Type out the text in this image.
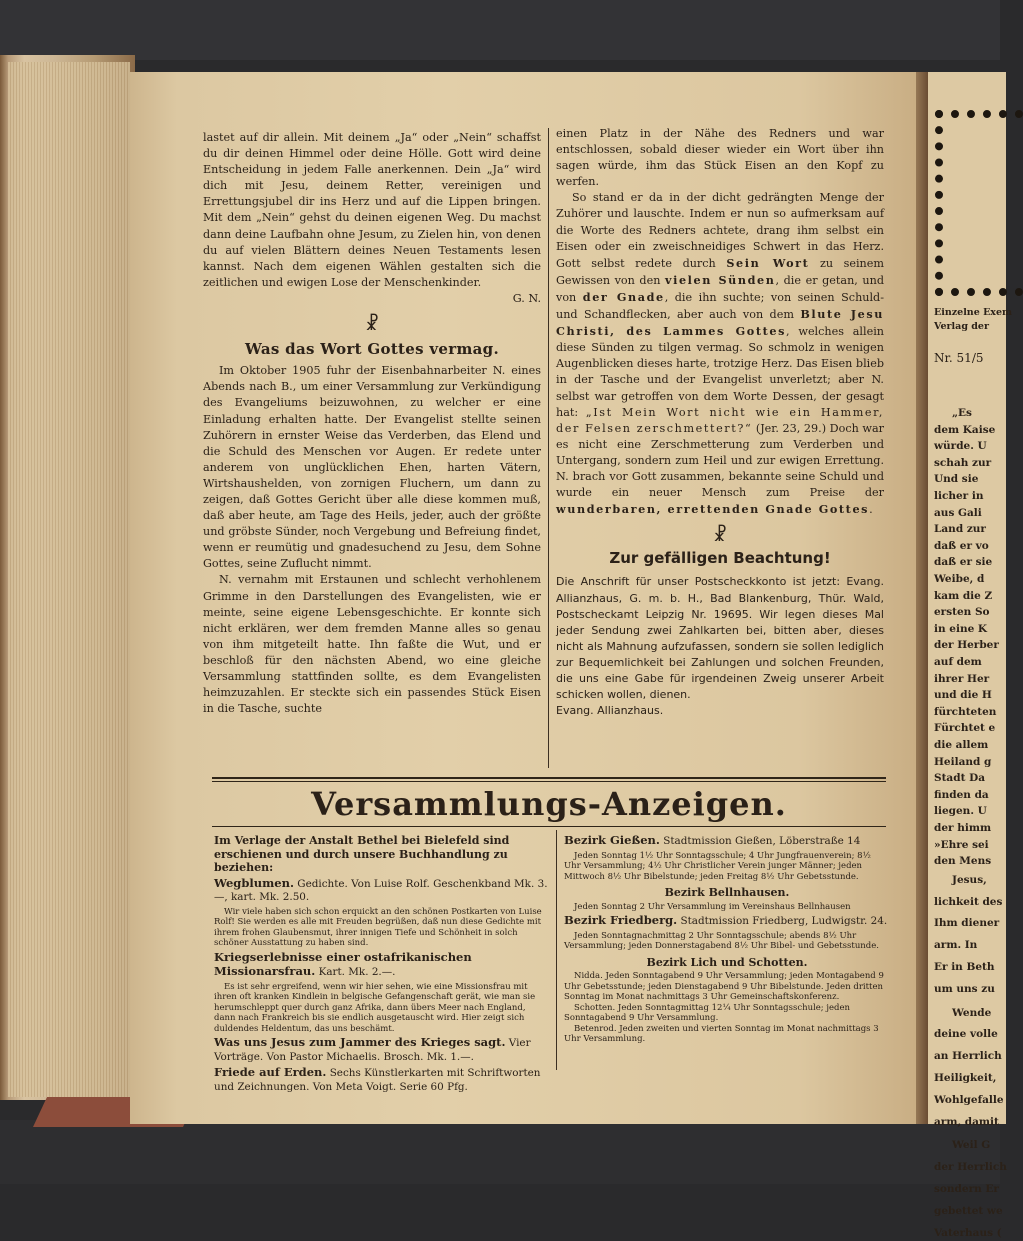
lastet auf dir allein. Mit deinem „Ja“ oder „Nein“ schaffst du dir deinen Himmel oder deine Hölle. Gott wird deine Entscheidung in jedem Falle anerkennen. Dein „Ja“ wird dich mit Jesu, deinem Retter, vereinigen und Errettungsjubel dir ins Herz und auf die Lippen bringen. Mit dem „Nein“ gehst du deinen eigenen Weg. Du machst dann deine Laufbahn ohne Jesum, zu Zielen hin, von denen du auf vielen Blättern deines Neuen Testaments lesen kannst. Nach dem eigenen Wählen gestalten sich die zeitlichen und ewigen Lose der Menschenkinder.

G. N.
☧
Was das Wort Gottes vermag.

Im Oktober 1905 fuhr der Eisenbahnarbeiter N. eines Abends nach B., um einer Versammlung zur Verkündigung des Evangeliums beizuwohnen, zu welcher er eine Einladung erhalten hatte. Der Evangelist stellte seinen Zuhörern in ernster Weise das Verderben, das Elend und die Schuld des Menschen vor Augen. Er redete unter anderem von unglücklichen Ehen, harten Vätern, Wirtshaushelden, von zornigen Fluchern, um dann zu zeigen, daß Gottes Gericht über alle diese kommen muß, daß aber heute, am Tage des Heils, jeder, auch der größte und gröbste Sünder, noch Vergebung und Befreiung findet, wenn er reumütig und gnadesuchend zu Jesu, dem Sohne Gottes, seine Zuflucht nimmt.

N. vernahm mit Erstaunen und schlecht verhohlenem Grimme in den Darstellungen des Evangelisten, wie er meinte, seine eigene Lebensgeschichte. Er konnte sich nicht erklären, wer dem fremden Manne alles so genau von ihm mitgeteilt hatte. Ihn faßte die Wut, und er beschloß für den nächsten Abend, wo eine gleiche Versammlung stattfinden sollte, es dem Evangelisten heimzuzahlen. Er steckte sich ein passendes Stück Eisen in die Tasche, suchte

einen Platz in der Nähe des Redners und war entschlossen, sobald dieser wieder ein Wort über ihn sagen würde, ihm das Stück Eisen an den Kopf zu werfen.

So stand er da in der dicht gedrängten Menge der Zuhörer und lauschte. Indem er nun so aufmerksam auf die Worte des Redners achtete, drang ihm selbst ein Eisen oder ein zweischneidiges Schwert in das Herz. Gott selbst redete durch Sein Wort zu seinem Gewissen von den vielen Sünden, die er getan, und von der Gnade, die ihn suchte; von seinen Schuld- und Schandflecken, aber auch von dem Blute Jesu Christi, des Lammes Gottes, welches allein diese Sünden zu tilgen vermag. So schmolz in wenigen Augenblicken dieses harte, trotzige Herz. Das Eisen blieb in der Tasche und der Evangelist unverletzt; aber N. selbst war getroffen von dem Worte Dessen, der gesagt hat: „Ist Mein Wort nicht wie ein Hammer, der Felsen zerschmettert?“ (Jer. 23, 29.) Doch war es nicht eine Zerschmetterung zum Verderben und Untergang, sondern zum Heil und zur ewigen Errettung. N. brach vor Gott zusammen, bekannte seine Schuld und wurde ein neuer Mensch zum Preise der wunderbaren, errettenden Gnade Gottes.

☧
Zur gefälligen Beachtung!
Die Anschrift für unser Postscheckkonto ist jetzt: Evang. Allianzhaus, G. m. b. H., Bad Blankenburg, Thür. Wald, Postscheckamt Leipzig Nr. 19695. Wir legen dieses Mal jeder Sendung zwei Zahlkarten bei, bitten aber, dieses nicht als Mahnung aufzufassen, sondern sie sollen lediglich zur Bequemlichkeit bei Zahlungen und solchen Freunden, die uns eine Gabe für irgendeinen Zweig unserer Arbeit schicken wollen, dienen.
Evang. Allianzhaus.
Versammlungs-Anzeigen.
Im Verlage der Anstalt Bethel bei Bielefeld sind erschienen und durch unsere Buchhandlung zu beziehen:
Wegblumen. Gedichte. Von Luise Rolf. Geschenkband Mk. 3.—, kart. Mk. 2.50.
Wir viele haben sich schon erquickt an den schönen Postkarten von Luise Rolf! Sie werden es alle mit Freuden begrüßen, daß nun diese Gedichte mit ihrem frohen Glaubensmut, ihrer innigen Tiefe und Schönheit in solch schöner Ausstattung zu haben sind.
Kriegserlebnisse einer ostafrikanischen Missionarsfrau. Kart. Mk. 2.—.
Es ist sehr ergreifend, wenn wir hier sehen, wie eine Missionsfrau mit ihren oft kranken Kindlein in belgische Gefangenschaft gerät, wie man sie herumschleppt quer durch ganz Afrika, dann übers Meer nach England, dann nach Frankreich bis sie endlich ausgetauscht wird. Hier zeigt sich duldendes Heldentum, das uns beschämt.
Was uns Jesus zum Jammer des Krieges sagt. Vier Vorträge. Von Pastor Michaelis. Brosch. Mk. 1.—.
Friede auf Erden. Sechs Künstlerkarten mit Schriftworten und Zeichnungen. Von Meta Voigt. Serie 60 Pfg.
Bezirk Gießen. Stadtmission Gießen, Löberstraße 14
Jeden Sonntag 1½ Uhr Sonntagsschule; 4 Uhr Jungfrauenverein; 8½ Uhr Versammlung; 4½ Uhr Christlicher Verein junger Männer; jeden Mittwoch 8½ Uhr Bibelstunde; jeden Freitag 8½ Uhr Gebetsstunde.
Bezirk Bellnhausen.
Jeden Sonntag 2 Uhr Versammlung im Vereinshaus Bellnhausen
Bezirk Friedberg. Stadtmission Friedberg, Ludwigstr. 24.
Jeden Sonntagnachmittag 2 Uhr Sonntagsschule; abends 8½ Uhr Versammlung; jeden Donnerstagabend 8½ Uhr Bibel- und Gebetsstunde.
Bezirk Lich und Schotten.
Nidda. Jeden Sonntagabend 9 Uhr Versammlung; jeden Montagabend 9 Uhr Gebetsstunde; jeden Dienstagabend 9 Uhr Bibelstunde. Jeden dritten Sonntag im Monat nachmittags 3 Uhr Gemeinschaftskonferenz.
Schotten. Jeden Sonntagmittag 12¼ Uhr Sonntagsschule; jeden Sonntagabend 9 Uhr Versammlung.
Betenrod. Jeden zweiten und vierten Sonntag im Monat nachmittags 3 Uhr Versammlung.
Einzelne Exem
Verlag der
Nr. 51/5
„Es
dem Kaise
würde. U
schah zur
Und sie
licher in
aus Gali
Land zur
daß er vo
daß er sie
Weibe, d
kam die Z
ersten So
in eine K
der Herber
auf dem
ihrer Her
und die H
fürchteten
Fürchtet e
die allem
Heiland g
Stadt Da
finden da
liegen. U
der himm
»Ehre sei
den Mens
Jesus,
lichkeit des
Ihm diener
arm. In
Er in Beth
um uns zu
Wende
deine volle
an Herrlich
Heiligkeit,
Wohlgefalle
arm, damit
Weil G
der Herrlich
sondern Er
gebettet we
Vaterhaus (
